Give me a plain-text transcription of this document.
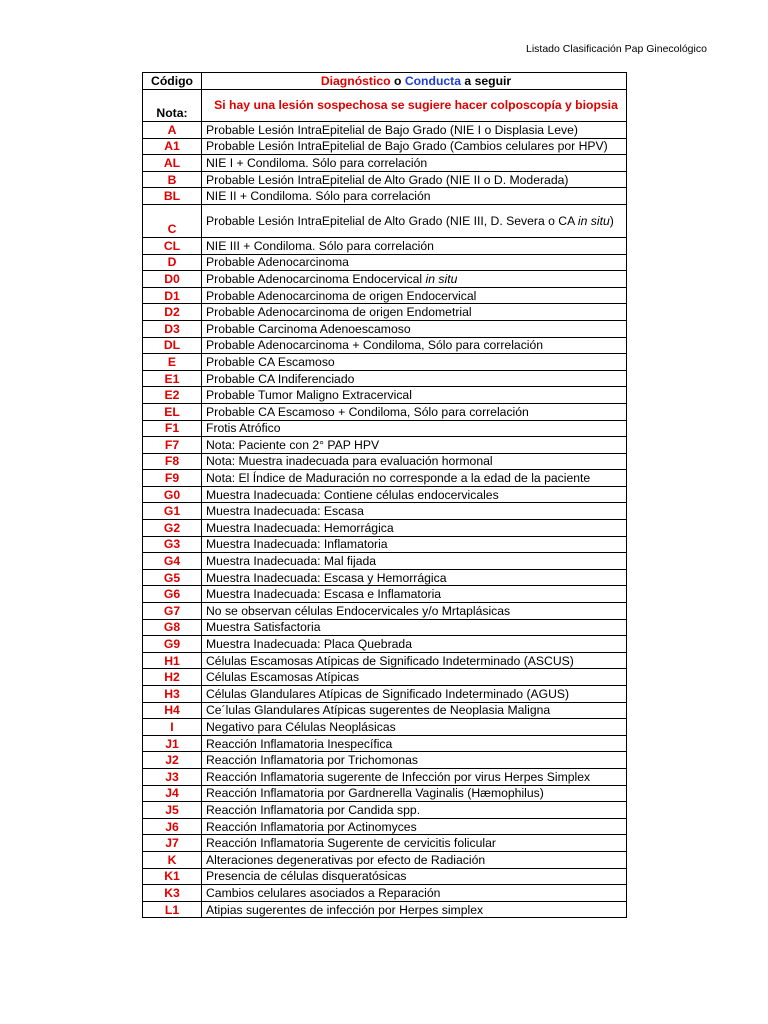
Listado Clasificación Pap Ginecológico
Código	Diagnóstico o Conducta a seguir
Nota:	Si hay una lesión sospechosa se sugiere hacer colposcopía y biopsia
A	Probable Lesión IntraEpitelial de Bajo Grado (NIE I o Displasia Leve)
A1	Probable Lesión IntraEpitelial de Bajo Grado (Cambios celulares por HPV)
AL	NIE I + Condiloma. Sólo para correlación
B	Probable Lesión IntraEpitelial de Alto Grado (NIE II o D. Moderada)
BL	NIE II + Condiloma. Sólo para correlación
C	Probable Lesión IntraEpitelial de Alto Grado (NIE III, D. Severa o CA in situ)
CL	NIE III + Condiloma. Sólo para correlación
D	Probable Adenocarcinoma
D0	Probable Adenocarcinoma Endocervical in situ
D1	Probable Adenocarcinoma de origen Endocervical
D2	Probable Adenocarcinoma de origen Endometrial
D3	Probable Carcinoma Adenoescamoso
DL	Probable Adenocarcinoma + Condiloma, Sólo para correlación
E	Probable CA Escamoso
E1	Probable CA Indiferenciado
E2	Probable Tumor Maligno Extracervical
EL	Probable CA Escamoso + Condiloma, Sólo para correlación
F1	Frotis Atrófico
F7	Nota: Paciente con 2° PAP HPV
F8	Nota: Muestra inadecuada para evaluación hormonal
F9	Nota: El Índice de Maduración no corresponde a la edad de la paciente
G0	Muestra Inadecuada: Contiene células endocervicales
G1	Muestra Inadecuada: Escasa
G2	Muestra Inadecuada: Hemorrágica
G3	Muestra Inadecuada: Inflamatoria
G4	Muestra Inadecuada: Mal fijada
G5	Muestra Inadecuada: Escasa y Hemorrágica
G6	Muestra Inadecuada: Escasa e Inflamatoria
G7	No se observan células Endocervicales y/o Mrtaplásicas
G8	Muestra Satisfactoria
G9	Muestra Inadecuada: Placa Quebrada
H1	Células Escamosas Atípicas de Significado Indeterminado (ASCUS)
H2	Células Escamosas Atípicas
H3	Células Glandulares Atípicas de Significado Indeterminado (AGUS)
H4	Ce´lulas Glandulares Atípicas sugerentes de Neoplasia Maligna
I	Negativo para Células Neoplásicas
J1	Reacción Inflamatoria Inespecífica
J2	Reacción Inflamatoria por Trichomonas
J3	Reacción Inflamatoria sugerente de Infección por virus Herpes Simplex
J4	Reacción Inflamatoria por Gardnerella Vaginalis (Hæmophilus)
J5	Reacción Inflamatoria por Candida spp.
J6	Reacción Inflamatoria por Actinomyces
J7	Reacción Inflamatoria Sugerente de cervicitis folicular
K	Alteraciones degenerativas por efecto de Radiación
K1	Presencia de células disqueratósicas
K3	Cambios celulares asociados a Reparación
L1	Atipias sugerentes de infección por Herpes simplex
